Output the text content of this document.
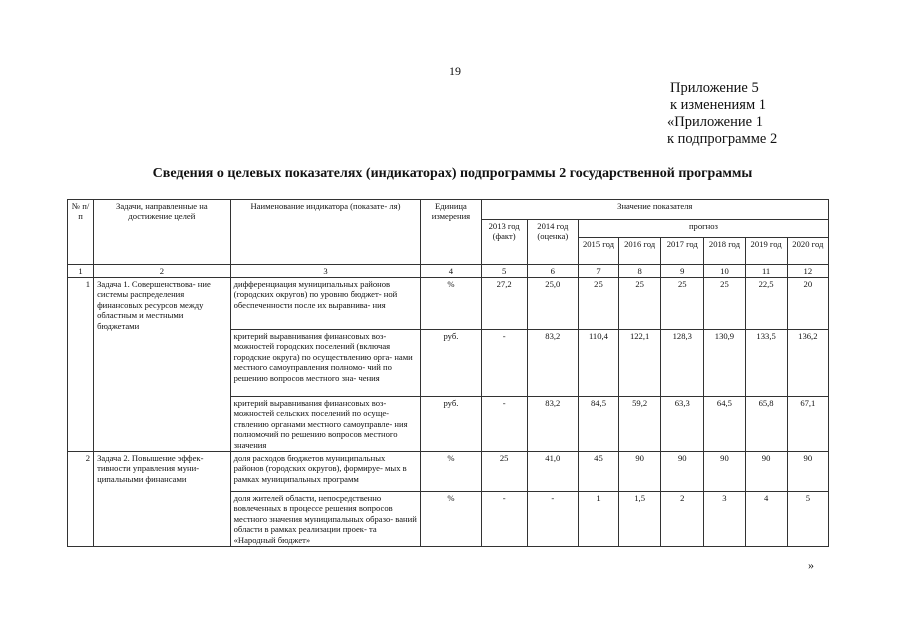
19
Приложение 5
к изменениям 1
«Приложение 1
к подпрограмме 2
Сведения о целевых показателях (индикаторах) подпрограммы 2 государственной программы
№ п/п	Задачи, направленные на достижение целей	Наименование индикатора (показате- ля)	Единица измерения	Значение показателя							
				2013 год (факт)	2014 год (оценка)	прогноз					
						2015 год	2016 год	2017 год	2018 год	2019 год	2020 год
1	2	3	4	5	6	7	8	9	10	11	12
1	Задача 1. Совершенствова- ние системы распределения финансовых ресурсов между областным и местными бюджетами	дифференциация муниципальных районов (городских округов) по уровню бюджет- ной обеспеченности после их выравнива- ния	%	27,2	25,0	25	25	25	25	22,5	20
		критерий выравнивания финансовых воз- можностей городских поселений (включая городские округа) по осуществлению орга- нами местного самоуправления полномо- чий по решению вопросов местного зна- чения	руб.	-	83,2	110,4	122,1	128,3	130,9	133,5	136,2
		критерий выравнивания финансовых воз- можностей сельских поселений по осуще- ствлению органами местного самоуправле- ния полномочий по решению вопросов местного значения	руб.	-	83,2	84,5	59,2	63,3	64,5	65,8	67,1
2	Задача 2. Повышение эффек- тивности управления муни- ципальными финансами	доля расходов бюджетов муниципальных районов (городских округов), формируе- мых в рамках муниципальных программ	%	25	41,0	45	90	90	90	90	90
		доля жителей области, непосредственно вовлеченных в процессе решения вопросов местного значения муниципальных образо- ваний области в рамках реализации проек- та «Народный бюджет»	%	-	-	1	1,5	2	3	4	5
»
